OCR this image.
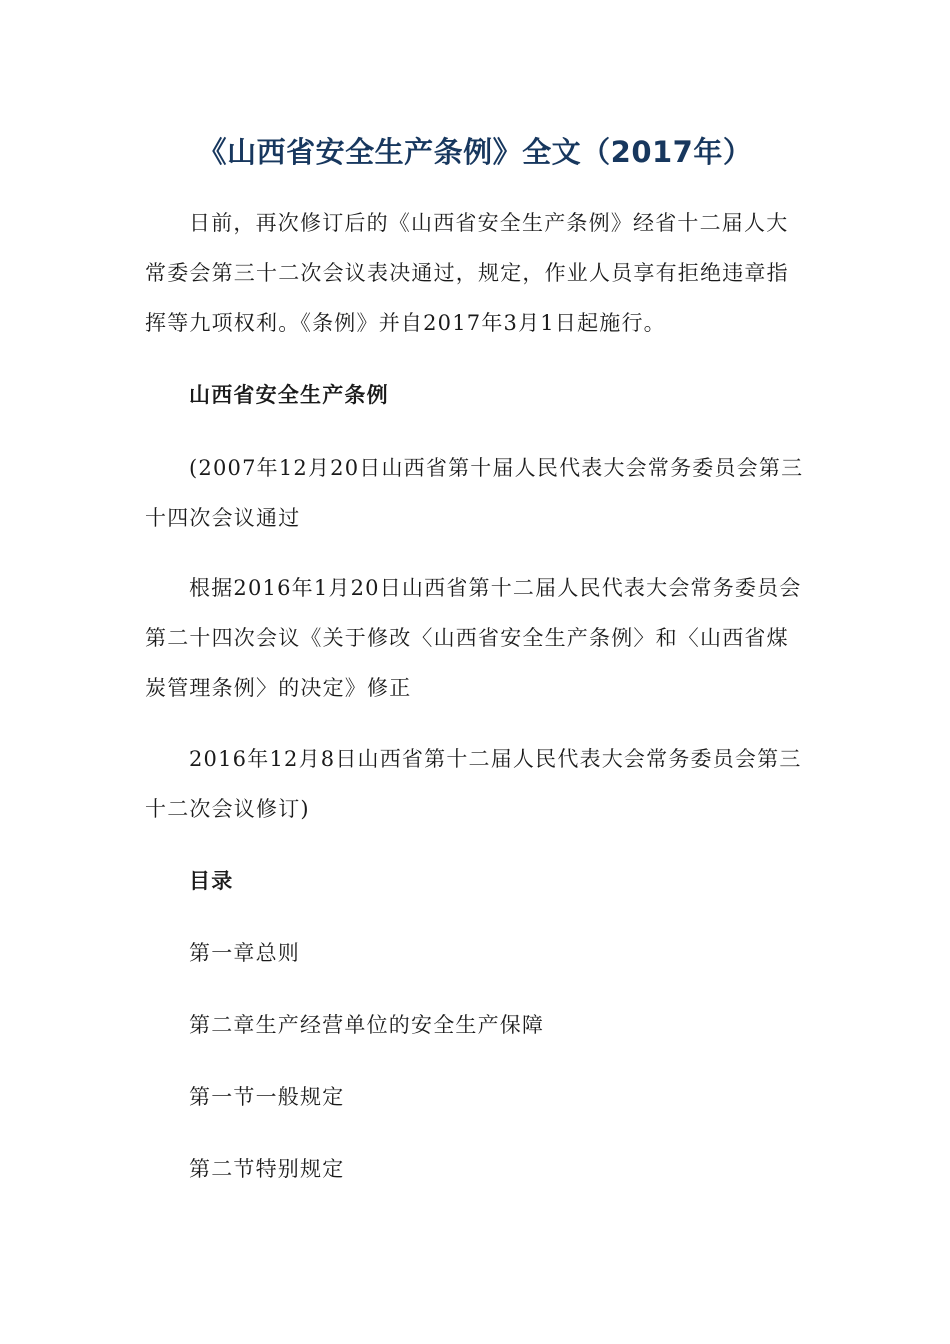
《山西省安全生产条例》全文（2017年）

日前，再次修订后的《山西省安全生产条例》经省十二届人大常委会第三十二次会议表决通过，规定，作业人员享有拒绝违章指挥等九项权利。《条例》并自2017年3月1日起施行。

山西省安全生产条例

(2007年12月20日山西省第十届人民代表大会常务委员会第三十四次会议通过

根据2016年1月20日山西省第十二届人民代表大会常务委员会第二十四次会议《关于修改〈山西省安全生产条例〉和〈山西省煤炭管理条例〉的决定》修正

2016年12月8日山西省第十二届人民代表大会常务委员会第三十二次会议修订)

目录

第一章总则

第二章生产经营单位的安全生产保障

第一节一般规定

第二节特别规定
